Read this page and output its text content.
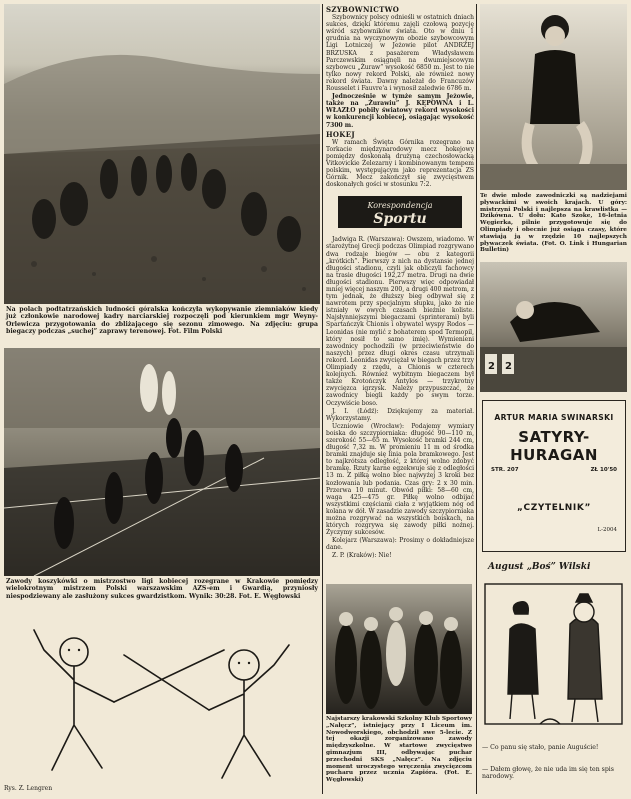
Na polach podtatrzańskich ludności góralska kończyła wykopywanie ziemniaków kiedy już członkowie narodowej kadry narciarskiej rozpoczęli pod kierunkiem mgr Weyny-Orlewicza przygotowania do zbliżającego się sezonu zimowego. Na zdjęciu: grupa biegaczy podczas „suchej” zaprawy terenowej. Fot. Film Polski
Zawody koszykówki o mistrzostwo ligi kobiecej rozegrane w Krakowie pomiędzy wielokrotnym mistrzem Polski warszawskim AZS-em i Gwardią, przyniosły niespodziewany ale zasłużony sukces gwardzistkom. Wynik: 30:28. Fot. E. Węgłowski
Rys. Z. Lengren
SZYBOWNICTWO

Szybownicy polscy odnieśli w ostatnich dniach sukces, dzięki któremu zajęli czołową pozycję wśród szybowników świata. Oto w dniu 1 grudnia na wyczynowym obozie szybowcowym Ligi Lotniczej w Jeżowie pilot ANDRZEJ BRZUSKA z pasażerem Władysławem Parczewskim osiągnęli na dwumiejscowym szybowcu „Żuraw” wysokość 6850 m. Jest to nie tylko nowy rekord Polski, ale również nowy rekord świata. Dawny należał do Francuzów Rousselet i Fauvre'a i wynosił zaledwie 6786 m.

Jednocześnie w tymże samym Jeżowie, także na „Żurawiu” J. KĘPOWNA i L. WŁAZŁO pobiły światowy rekord wysokości w konkurencji kobiecej, osiągając wysokość 7300 m.

HOKEJ

W ramach Święta Górnika rozegrano na Torkacie międzynarodowy mecz hokejowy pomiędzy doskonałą drużyną czechosłowacką Vitkovickie Żelezarny i kombinowanym tempem polskim, występującym jako reprezentacja ZS Górnik. Mecz zakończył się zwycięstwem doskonałych gości w stosunku 7:2.

Korespondencja
Sportu

Jadwiga R. (Warszawa): Owszem, wiadomo. W starożytnej Grecji podczas Olimpiad rozgrywano dwa rodzaje biegów — obu z kategorii „krótkich”. Pierwszy z nich na dystansie jednej długości stadionu, czyli jak obliczyli fachowcy na trasie długości 192,27 metra. Drugi na dwie długości stadionu. Pierwszy więc odpowiadał mniej więcej naszym 200, a drugi 400 metrom, z tym jednak, że dłuższy bieg odbywał się z nawrotem przy specjalnym słupku, jako że nie istniały w owych czasach bieżnie koliste. Najsłynniejszymi biegaczami (sprinterami) byli Spartańczyk Chionis i obywatel wyspy Rodos — Leonidas (nie mylić z bohaterem spod Termopil, który nosił to samo imię). Wymienieni zawodnicy pochodzili (w przeciwieństwie do naszych) przez długi okres czasu utrzymali rekord. Leonidas zwyciężał w biegach przez trzy Olimpiady z rzędu, a Chionis w czterech kolejnych. Również wybitnym biegaczem był także Krotończyk Antylos — trzykrotny zwycięzca igrzysk. Należy przypuszczać, że zawodnicy biegli każdy po swym torze. Oczywiście boso.

J. I. (Łódź): Dziękujemy za materiał. Wykorzystamy.

Uczniowie (Wrocław): Podajemy wymiary boiska do szczypiorniaka: długość 90—110 m, szerokość 55—65 m. Wysokość bramki 244 cm, długość 7,32 m. W promieniu 11 m od środka bramki znajduje się linia pola bramkowego. Jest to najkrótsza odległość, z której wolno zdobyć bramkę. Rzuty karne egzekwuje się z odległości 13 m. Z piłką wolno biec najwyżej 3 kroki bez kozłowania lub podania. Czas gry: 2 x 30 min. Przerwa 10 minut. Obwód piłki: 58—60 cm, waga 425—475 gr. Piłkę wolno odbijać wszystkimi częściami ciała z wyjątkiem nóg od kolana w dół. W zasadzie zawody szczypiorniaka można rozgrywać na wszystkich boiskach, na których rozgrywa się zawody piłki nożnej. Życzymy sukcesów.

Kolejarz (Warszawa): Prosimy o dokładniejsze dane.

Z. P. (Kraków): Nie!

Najstarszy krakowski Szkolny Klub Sportowy „Nałęcz”, istniejący przy I Liceum im. Nowodworskiego, obchodził swe 5-lecie. Z tej okazji zorganizowano zawody międzyszkolne. W startowe zwycięstwo gimnazjum III, odbywając puchar przechodni SKS „Nałęcz”. Na zdjęciu moment uroczystego wręczenia zwycięzcom pucharu przez ucznia Zapióra. (Fot. E. Węgłowski)
Te dwie młode zawodniczki są nadziejami pływackimi w swoich krajach. U góry: mistrzyni Polski i najlepsza na krawlistka — Dzikówna. U dołu: Kato Szoke, 16-letnia Węgierka, pilnie przygotowuje się do Olimpiady i obecnie już osiąga czasy, które stawiają ją w rzędzie 10 najlepszych pływaczek świata. (Fot. O. Link i Hungarian Bulletin)
2 2
ARTUR MARIA SWINARSKI
SATYRY-HURAGAN
STR. 207	ZŁ 10'50
„CZYTELNIK”
L-2004
August „Boś” Wilski
— Co panu się stało, panie Auguście!
— Dałem głowę, że nie uda im się ten spis narodowy.
